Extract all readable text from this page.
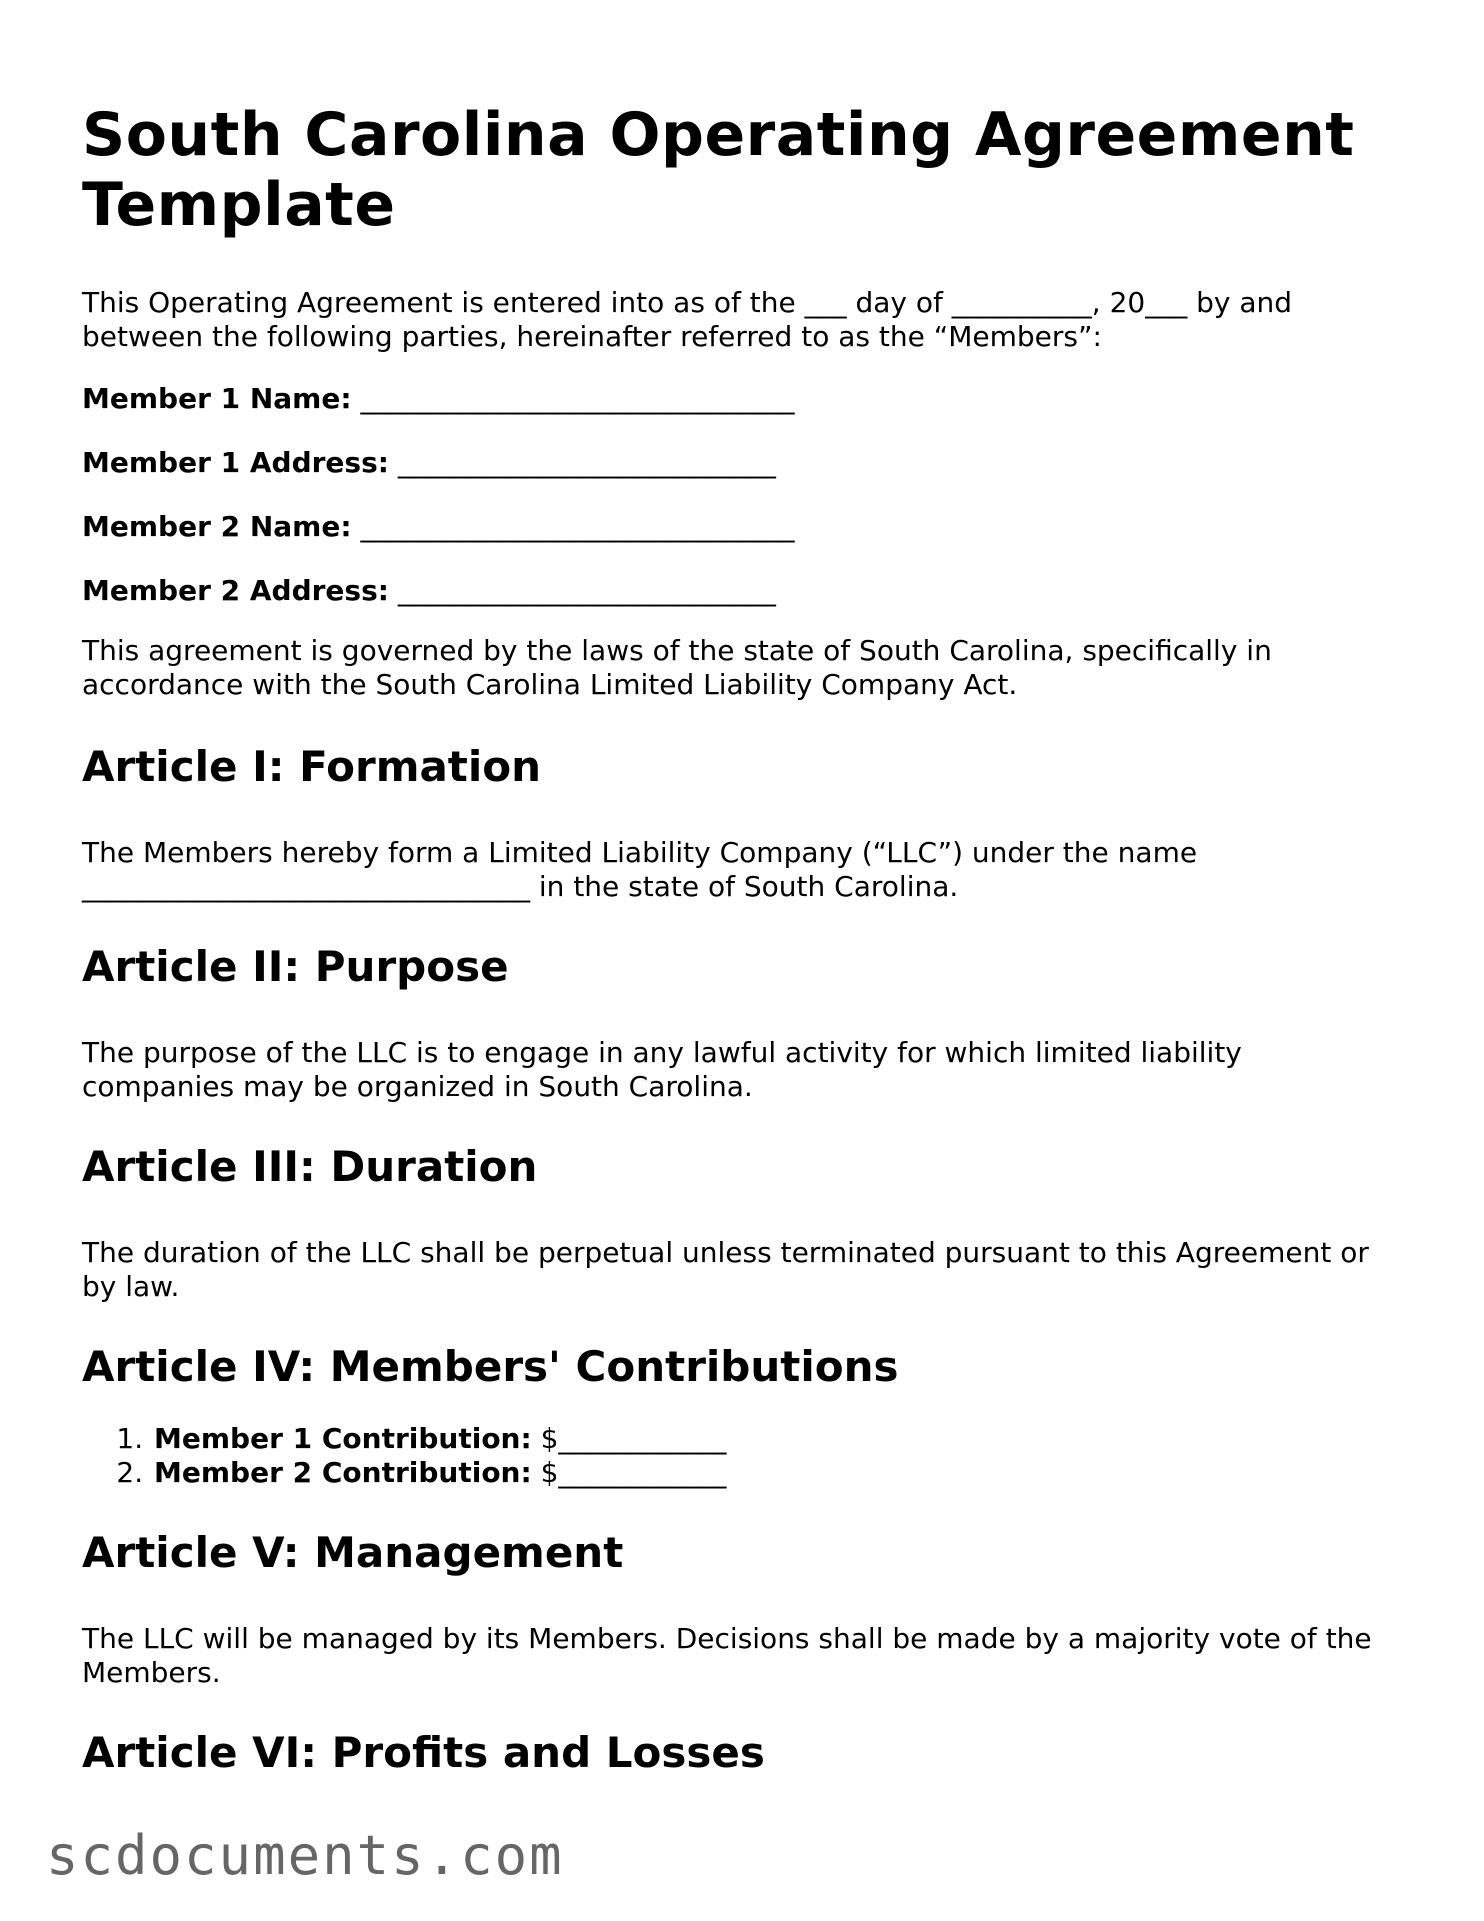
South Carolina Operating Agreement Template

This Operating Agreement is entered into as of the ___ day of __________, 20___ by and between the following parties, hereinafter referred to as the “Members”:

Member 1 Name: _______________________________
Member 1 Address: ___________________________
Member 2 Name: _______________________________
Member 2 Address: ___________________________

This agreement is governed by the laws of the state of South Carolina, specifically in accordance with the South Carolina Limited Liability Company Act.

Article I: Formation

The Members hereby form a Limited Liability Company (“LLC”) under the name ________________________________ in the state of South Carolina.

Article II: Purpose

The purpose of the LLC is to engage in any lawful activity for which limited liability companies may be organized in South Carolina.

Article III: Duration

The duration of the LLC shall be perpetual unless terminated pursuant to this Agreement or by law.

Article IV: Members' Contributions
1. Member 1 Contribution: $____________
2. Member 2 Contribution: $____________
Article V: Management

The LLC will be managed by its Members. Decisions shall be made by a majority vote of the Members.

Article VI: Profits and Losses
scdocuments.com
